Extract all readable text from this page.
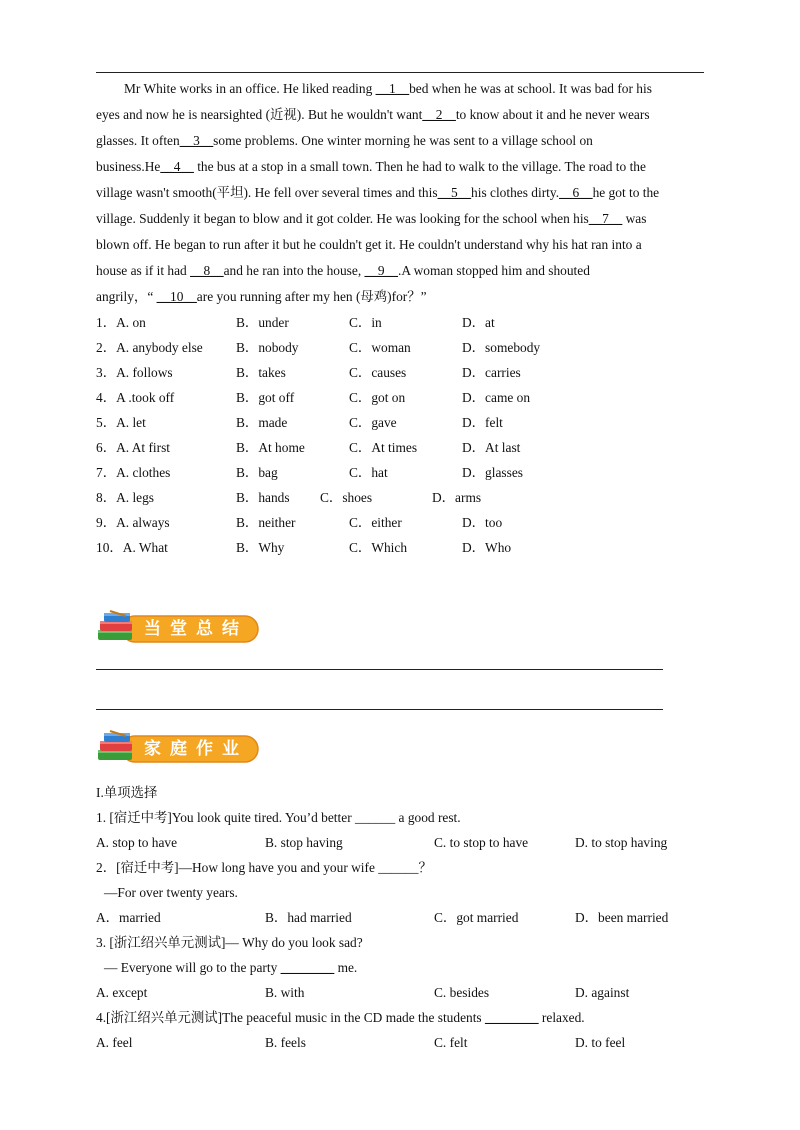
Mr White works in an office. He liked reading __1__bed when he was at school. It was bad for his
eyes and now he is nearsighted (近视). But he wouldn't want__2__to know about it and he never wears
glasses. It often__3__some problems. One winter morning he was sent to a village school on
business.He__4__ the bus at a stop in a small town. Then he had to walk to the village. The road to the
village wasn't smooth(平坦). He fell over several times and this__5__his clothes dirty.__6__he got to the
village. Suddenly it began to blow and it got colder. He was looking for the school when his__7__ was
blown off. He began to run after it but he couldn't get it. He couldn't understand why his hat ran into a
house as if it had __8__and he ran into the house, __9__.A woman stopped him and shouted
angrily，“ __10__are you running after my hen (母鸡)for？”
1．A. on	B．under	C．in	D．at
2．A. anybody else B．nobody	C．woman	D．somebody
3．A. follows	B．takes	C．causes	D．carries
4．A .took off	B．got off	C．got on	D．came on
5．A. let	B．made	C．gave	D．felt
6．A. At first	B．At home	C．At times	D．At last
7．A. clothes	B．bag	C．hat	D．glasses
8．A. legs	B．hands C．shoes	D．arms
9．A. always	B．neither	C．either	D．too
10．A. What	B．Why	C．Which	D．Who
当堂总结
家庭作业
I.单项选择
1. [宿迁中考]You look quite tired. You’d better ______ a good rest.
A. stop to have	B. stop having	C. to stop to have	D. to stop having
2．[宿迁中考]—How long have you and your wife ______？
—For over twenty years.
A．married	B．had married	C．got married	D．been married
3. [浙江绍兴单元测试]— Why do you look sad?
— Everyone will go to the party ________ me.
A. except	B. with	C. besides	D. against
4.[浙江绍兴单元测试]The peaceful music in the CD made the students ________ relaxed.
A. feel	B. feels	C. felt	D. to feel
